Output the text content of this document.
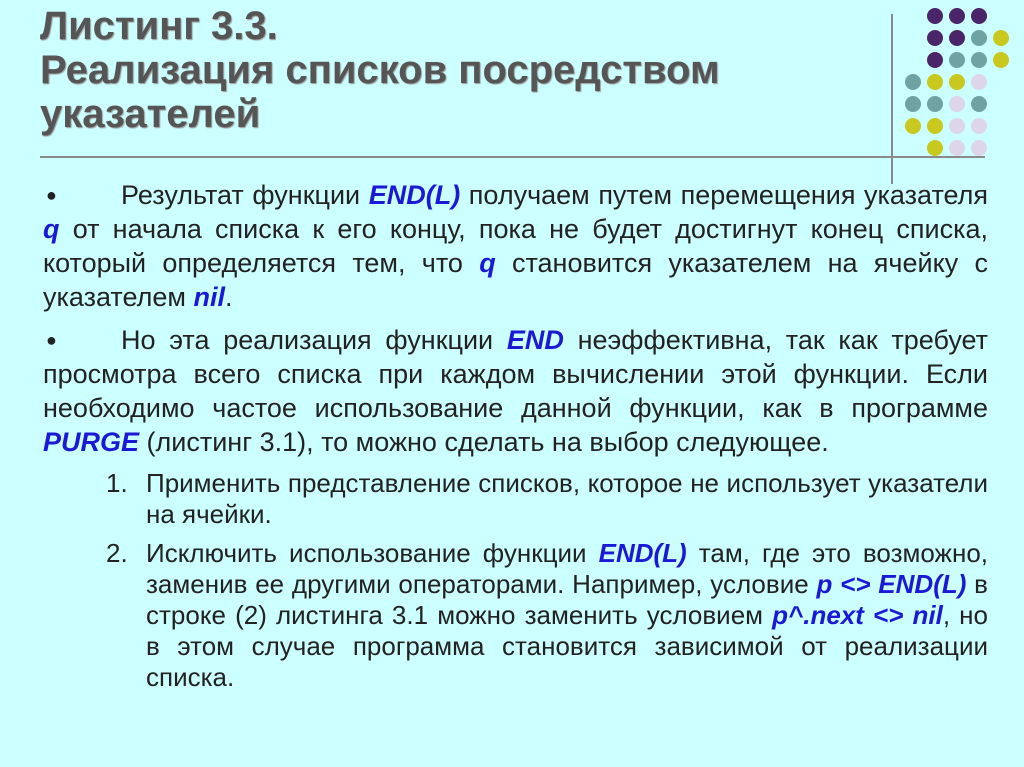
Листинг 3.3.
Реализация списков посредством
указателей

● Результат функции END(L) получаем путем перемещения указателя q от начала списка к его концу, пока не будет достигнут конец списка, который определяется тем, что q становится указателем на ячейку с указателем nil.

● Но эта реализация функции END неэффективна, так как требует просмотра всего списка при каждом вычислении этой функции. Если необходимо частое использование данной функции, как в программе PURGE (листинг 3.1), то можно сделать на выбор следующее.

1. Применить представление списков, которое не использует указатели на ячейки.
2. Исключить использование функции END(L) там, где это возможно, заменив ее другими операторами. Например, условие p <> END(L) в строке (2) листинга 3.1 можно заменить условием p^.next <> nil, но в этом случае программа становится зависимой от реализации списка.
